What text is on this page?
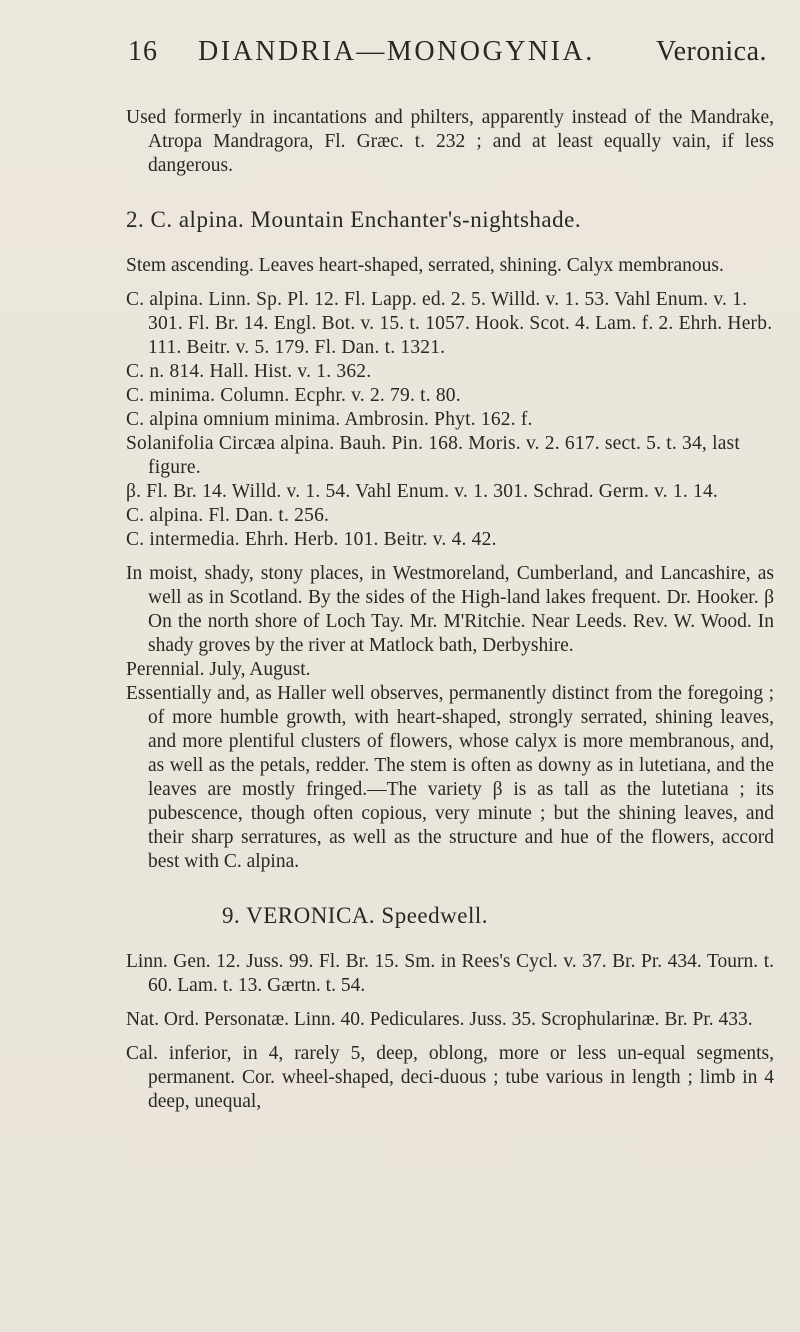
16 DIANDRIA—MONOGYNIA. Veronica.

Used formerly in incantations and philters, apparently instead of the Mandrake, Atropa Mandragora, Fl. Græc. t. 232 ; and at least equally vain, if less dangerous.

2. C. alpina. Mountain Enchanter's-nightshade.

Stem ascending. Leaves heart-shaped, serrated, shining. Calyx membranous.

C. alpina. Linn. Sp. Pl. 12. Fl. Lapp. ed. 2. 5. Willd. v. 1. 53. Vahl Enum. v. 1. 301. Fl. Br. 14. Engl. Bot. v. 15. t. 1057. Hook. Scot. 4. Lam. f. 2. Ehrh. Herb. 111. Beitr. v. 5. 179. Fl. Dan. t. 1321.

C. n. 814. Hall. Hist. v. 1. 362.

C. minima. Column. Ecphr. v. 2. 79. t. 80.

C. alpina omnium minima. Ambrosin. Phyt. 162. f.

Solanifolia Circæa alpina. Bauh. Pin. 168. Moris. v. 2. 617. sect. 5. t. 34, last figure.

β. Fl. Br. 14. Willd. v. 1. 54. Vahl Enum. v. 1. 301. Schrad. Germ. v. 1. 14.

C. alpina. Fl. Dan. t. 256.

C. intermedia. Ehrh. Herb. 101. Beitr. v. 4. 42.

In moist, shady, stony places, in Westmoreland, Cumberland, and Lancashire, as well as in Scotland. By the sides of the High-land lakes frequent. Dr. Hooker. β On the north shore of Loch Tay. Mr. M'Ritchie. Near Leeds. Rev. W. Wood. In shady groves by the river at Matlock bath, Derbyshire.

Perennial. July, August.

Essentially and, as Haller well observes, permanently distinct from the foregoing ; of more humble growth, with heart-shaped, strongly serrated, shining leaves, and more plentiful clusters of flowers, whose calyx is more membranous, and, as well as the petals, redder. The stem is often as downy as in lutetiana, and the leaves are mostly fringed.—The variety β is as tall as the lutetiana ; its pubescence, though often copious, very minute ; but the shining leaves, and their sharp serratures, as well as the structure and hue of the flowers, accord best with C. alpina.

9. VERONICA. Speedwell.

Linn. Gen. 12. Juss. 99. Fl. Br. 15. Sm. in Rees's Cycl. v. 37. Br. Pr. 434. Tourn. t. 60. Lam. t. 13. Gærtn. t. 54.

Nat. Ord. Personatæ. Linn. 40. Pediculares. Juss. 35. Scrophularinæ. Br. Pr. 433.

Cal. inferior, in 4, rarely 5, deep, oblong, more or less un-equal segments, permanent. Cor. wheel-shaped, deci-duous ; tube various in length ; limb in 4 deep, unequal,
